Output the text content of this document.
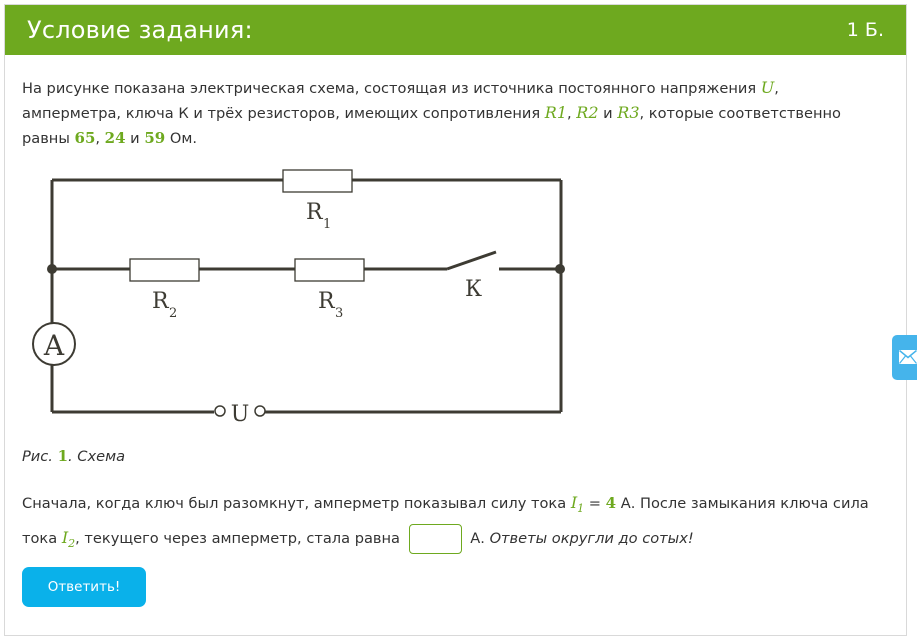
Условие задания:	1 Б.

На рисунке показана электрическая схема, состоящая из источника постоянного напряжения U, амперметра, ключа К и трёх резисторов, имеющих сопротивления R1, R2 и R3, которые соответственно равны 65, 24 и 59 Ом.

A
U
R 1
R 2	R 3
К
Рис. 1. Схема

Сначала, когда ключ был разомкнут, амперметр показывал силу тока $I_1 = 4$ А. После замыкания ключа сила тока $I_2$, текущего через амперметр, стала равна	А. Ответы округли до сотых!

Ответить!
